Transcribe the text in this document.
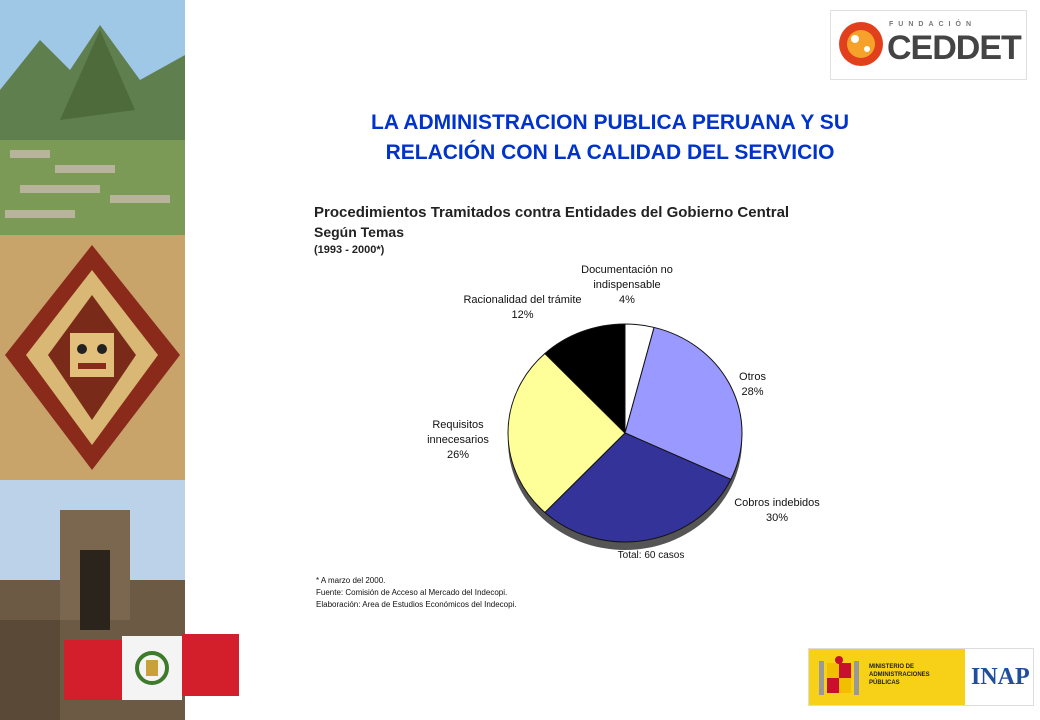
FUNDACIÓN
CEDDET
LA ADMINISTRACION PUBLICA PERUANA Y SU
RELACIÓN CON LA CALIDAD DEL SERVICIO
Procedimientos Tramitados contra Entidades del Gobierno Central
Según Temas
(1993 - 2000*)
Documentación no indispensable
4%
Racionalidad del trámite
12%
Otros
28%
Requisitos innecesarios
26%
Cobros indebidos
30%
Total: 60 casos
* A marzo del 2000.
Fuente: Comisión de Acceso al Mercado del Indecopi.
Elaboración: Area de Estudios Económicos del Indecopi.
MINISTERIO DE ADMINISTRACIONES PÚBLICAS	INAP
